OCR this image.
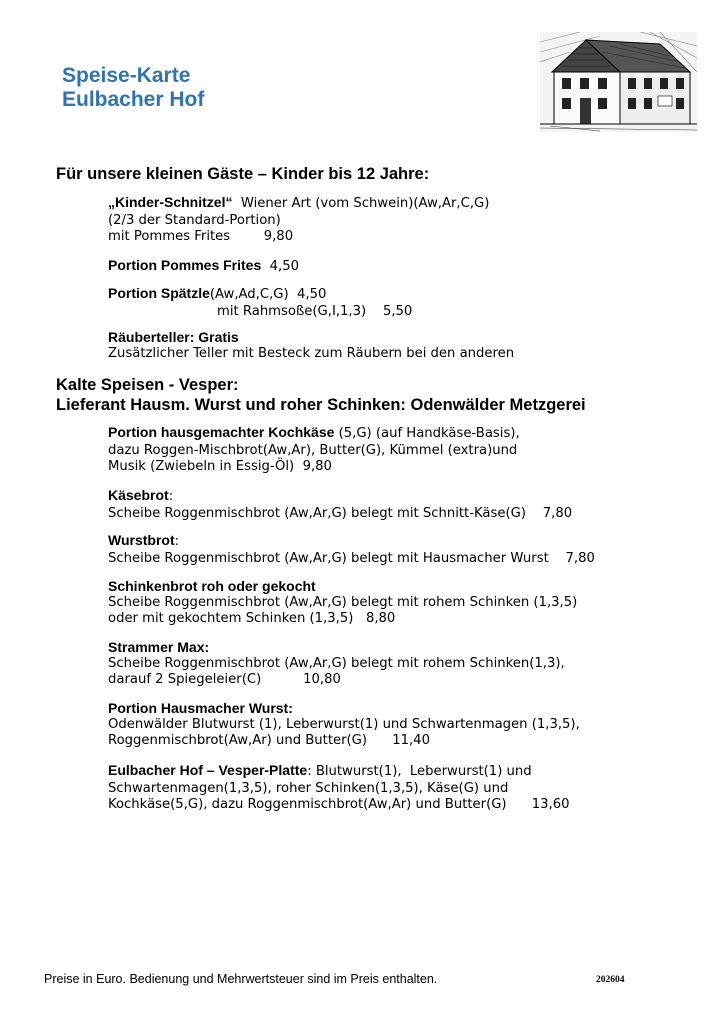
Speise-Karte
Eulbacher Hof
Für unsere kleinen Gäste – Kinder bis 12 Jahre:
„Kinder-Schnitzel“  Wiener Art (vom Schwein)(Aw,Ar,C,G)
(2/3 der Standard-Portion)
mit Pommes Frites	9,80
Portion Pommes Frites 4,50
Portion Spätzle(Aw,Ad,C,G) 4,50
mit Rahmsoße(G,I,1,3) 5,50
Räuberteller: Gratis
Zusätzlicher Teller mit Besteck zum Räubern bei den anderen
Kalte Speisen - Vesper:
Lieferant Hausm. Wurst und roher Schinken: Odenwälder Metzgerei
Portion hausgemachter Kochkäse (5,G) (auf Handkäse-Basis),
dazu Roggen-Mischbrot(Aw,Ar), Butter(G), Kümmel (extra)und
Musik (Zwiebeln in Essig-Öl) 9,80
Käsebrot:
Scheibe Roggenmischbrot (Aw,Ar,G) belegt mit Schnitt-Käse(G) 7,80
Wurstbrot:
Scheibe Roggenmischbrot (Aw,Ar,G) belegt mit Hausmacher Wurst 7,80
Schinkenbrot roh oder gekocht
Scheibe Roggenmischbrot (Aw,Ar,G) belegt mit rohem Schinken (1,3,5)
oder mit gekochtem Schinken (1,3,5) 8,80
Strammer Max:
Scheibe Roggenmischbrot (Aw,Ar,G) belegt mit rohem Schinken(1,3),
darauf 2 Spiegeleier(C)	10,80
Portion Hausmacher Wurst:
Odenwälder Blutwurst (1), Leberwurst(1) und Schwartenmagen (1,3,5),
Roggenmischbrot(Aw,Ar) und Butter(G) 11,40
Eulbacher Hof – Vesper-Platte: Blutwurst(1),  Leberwurst(1) und
Schwartenmagen(1,3,5), roher Schinken(1,3,5), Käse(G) und
Kochkäse(5,G), dazu Roggenmischbrot(Aw,Ar) und Butter(G) 13,60
Preise in Euro. Bedienung und Mehrwertsteuer sind im Preis enthalten.	202604
